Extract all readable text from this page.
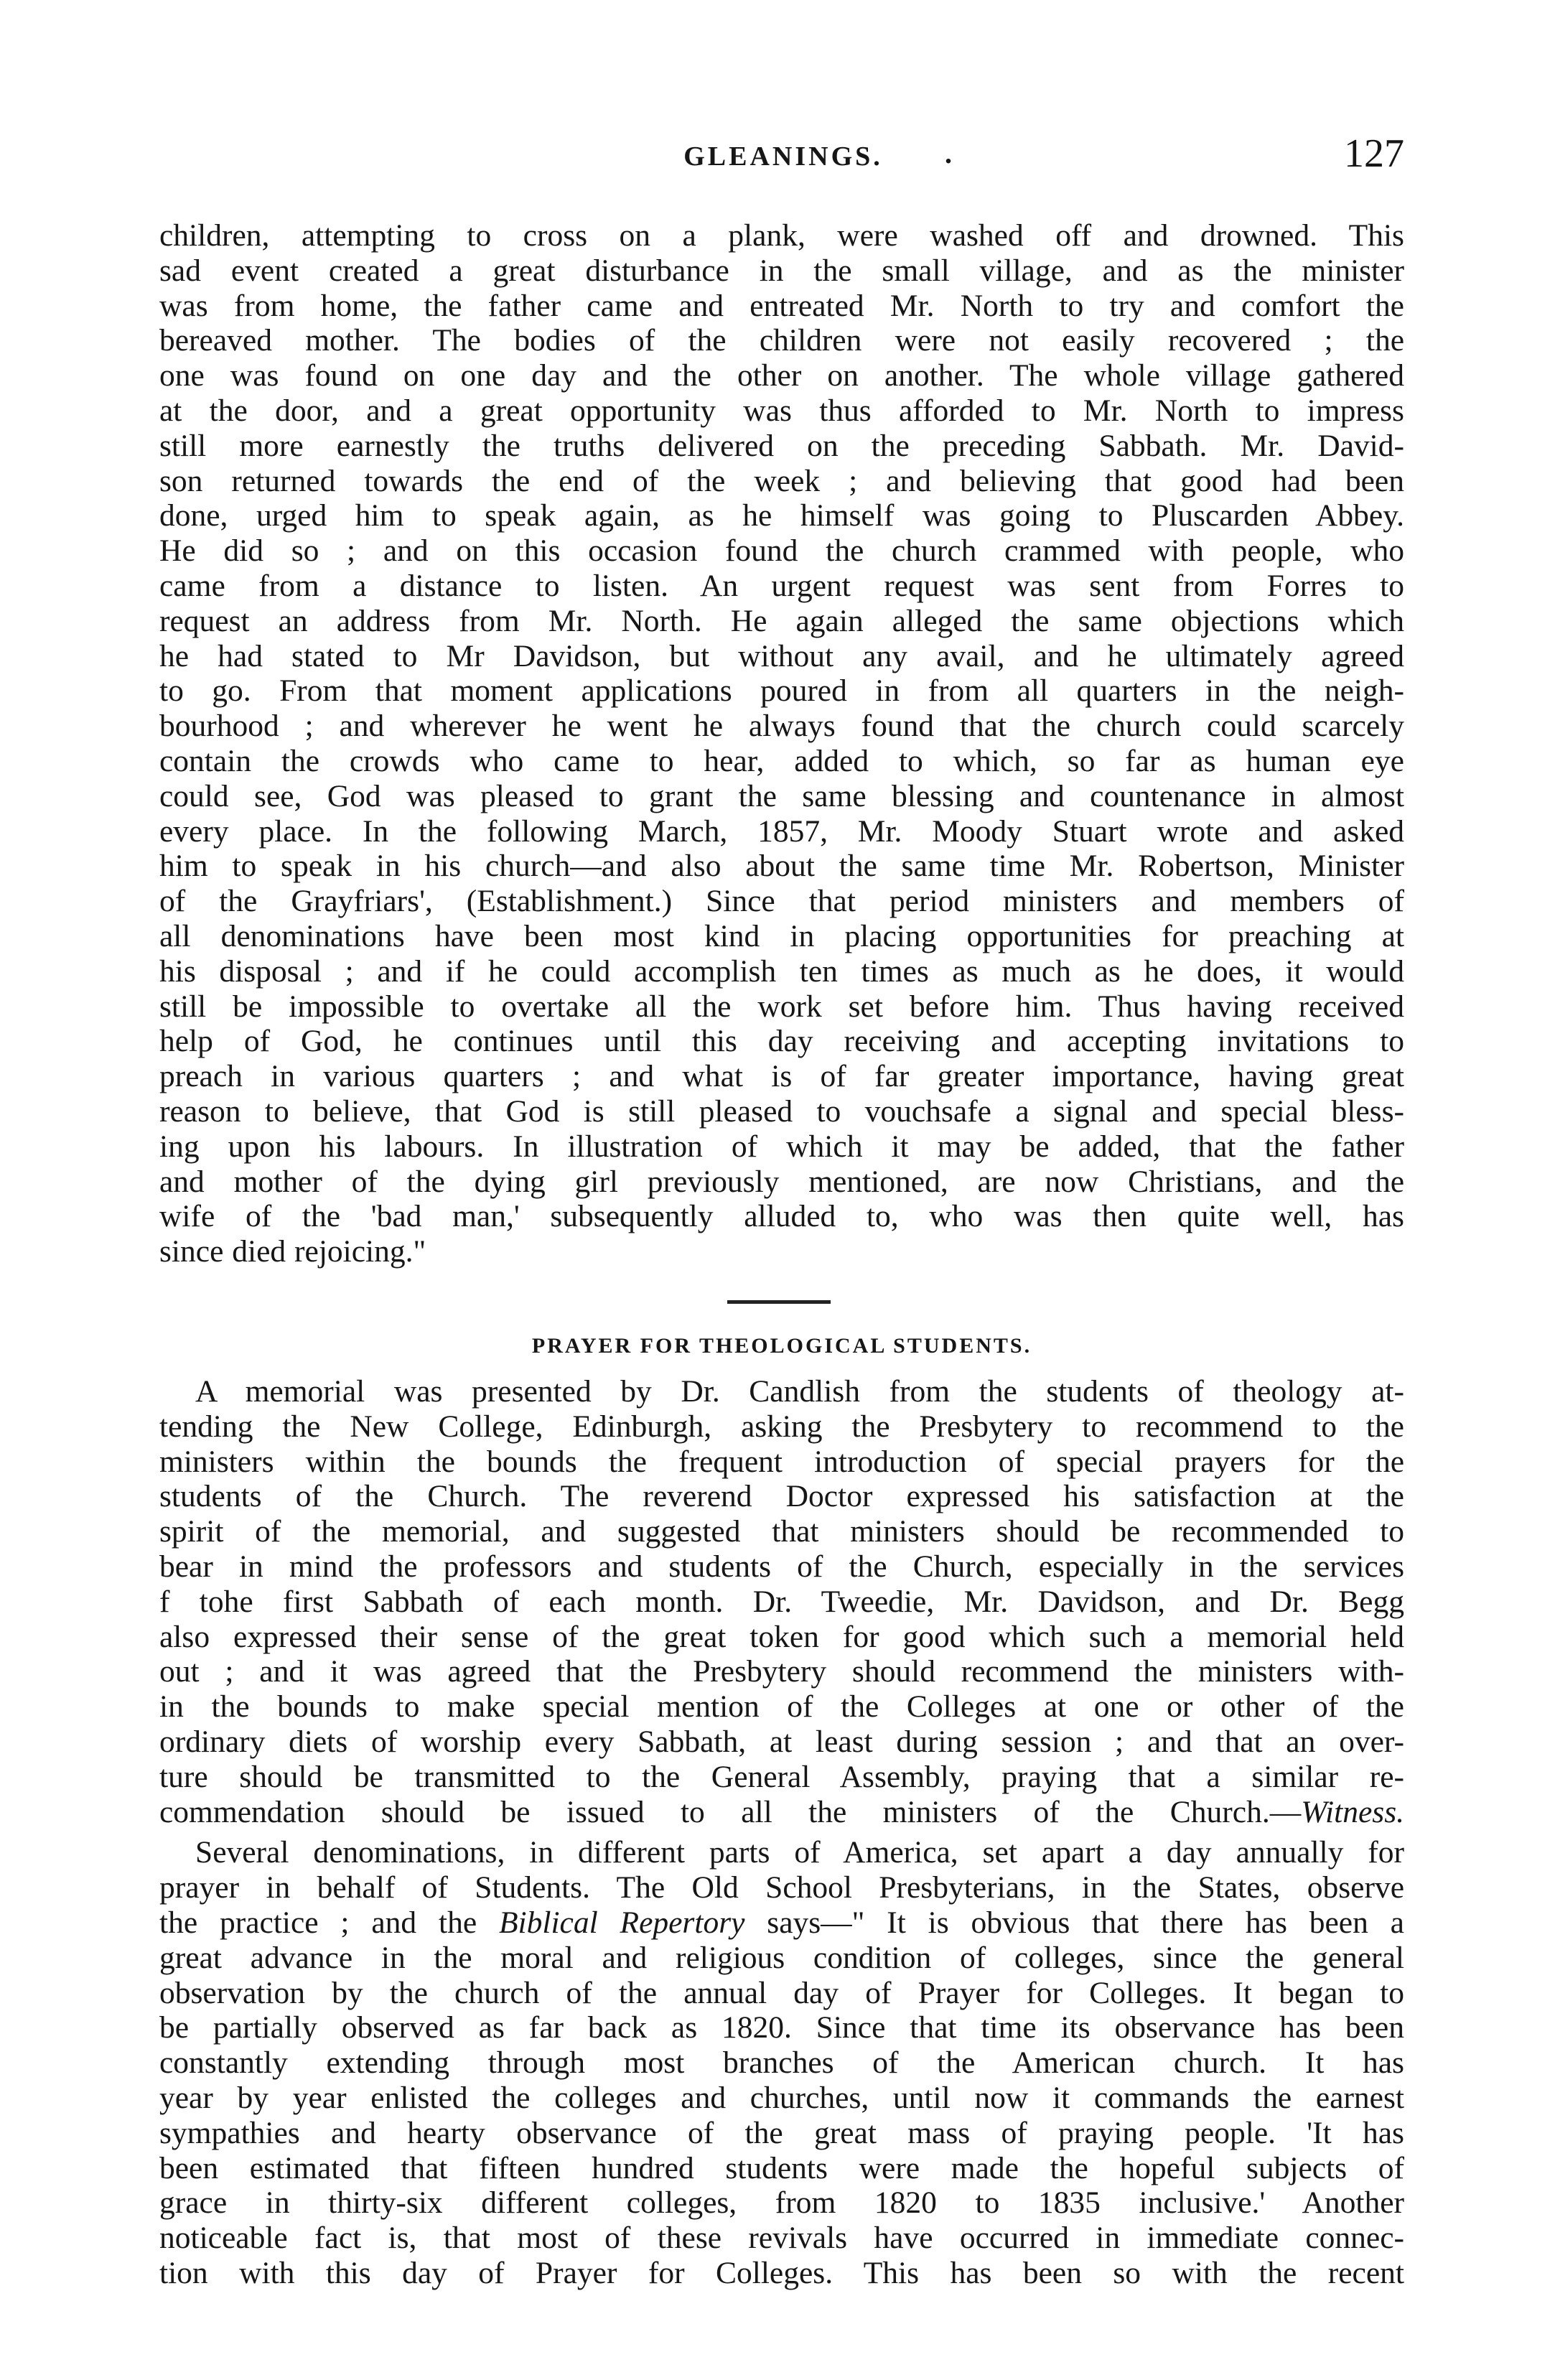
GLEANINGS.	.	127

children, attempting to cross on a plank, were washed off and drowned. This
sad event created a great disturbance in the small village, and as the minister
was from home, the father came and entreated Mr. North to try and comfort the
bereaved mother. The bodies of the children were not easily recovered ; the
one was found on one day and the other on another. The whole village gathered
at the door, and a great opportunity was thus afforded to Mr. North to impress
still more earnestly the truths delivered on the preceding Sabbath. Mr. David-
son returned towards the end of the week ; and believing that good had been
done, urged him to speak again, as he himself was going to Pluscarden Abbey.
He did so ; and on this occasion found the church crammed with people, who
came from a distance to listen. An urgent request was sent from Forres to
request an address from Mr. North. He again alleged the same objections which
he had stated to Mr Davidson, but without any avail, and he ultimately agreed
to go. From that moment applications poured in from all quarters in the neigh-
bourhood ; and wherever he went he always found that the church could scarcely
contain the crowds who came to hear, added to which, so far as human eye
could see, God was pleased to grant the same blessing and countenance in almost
every place. In the following March, 1857, Mr. Moody Stuart wrote and asked
him to speak in his church—and also about the same time Mr. Robertson, Minister
of the Grayfriars', (Establishment.) Since that period ministers and members of
all denominations have been most kind in placing opportunities for preaching at
his disposal ; and if he could accomplish ten times as much as he does, it would
still be impossible to overtake all the work set before him. Thus having received
help of God, he continues until this day receiving and accepting invitations to
preach in various quarters ; and what is of far greater importance, having great
reason to believe, that God is still pleased to vouchsafe a signal and special bless-
ing upon his labours. In illustration of which it may be added, that the father
and mother of the dying girl previously mentioned, are now Christians, and the
wife of the 'bad man,' subsequently alluded to, who was then quite well, has
since died rejoicing."

PRAYER FOR THEOLOGICAL STUDENTS.

A memorial was presented by Dr. Candlish from the students of theology at-
tending the New College, Edinburgh, asking the Presbytery to recommend to the
ministers within the bounds the frequent introduction of special prayers for the
students of the Church. The reverend Doctor expressed his satisfaction at the
spirit of the memorial, and suggested that ministers should be recommended to
bear in mind the professors and students of the Church, especially in the services
f tohe first Sabbath of each month. Dr. Tweedie, Mr. Davidson, and Dr. Begg
also expressed their sense of the great token for good which such a memorial held
out ; and it was agreed that the Presbytery should recommend the ministers with-
in the bounds to make special mention of the Colleges at one or other of the
ordinary diets of worship every Sabbath, at least during session ; and that an over-
ture should be transmitted to the General Assembly, praying that a similar re-
commendation should be issued to all the ministers of the Church.—Witness.

Several denominations, in different parts of America, set apart a day annually for
prayer in behalf of Students. The Old School Presbyterians, in the States, observe
the practice ; and the Biblical Repertory says—" It is obvious that there has been a
great advance in the moral and religious condition of colleges, since the general
observation by the church of the annual day of Prayer for Colleges. It began to
be partially observed as far back as 1820. Since that time its observance has been
constantly extending through most branches of the American church. It has
year by year enlisted the colleges and churches, until now it commands the earnest
sympathies and hearty observance of the great mass of praying people. 'It has
been estimated that fifteen hundred students were made the hopeful subjects of
grace in thirty-six different colleges, from 1820 to 1835 inclusive.' Another
noticeable fact is, that most of these revivals have occurred in immediate connec-
tion with this day of Prayer for Colleges. This has been so with the recent
